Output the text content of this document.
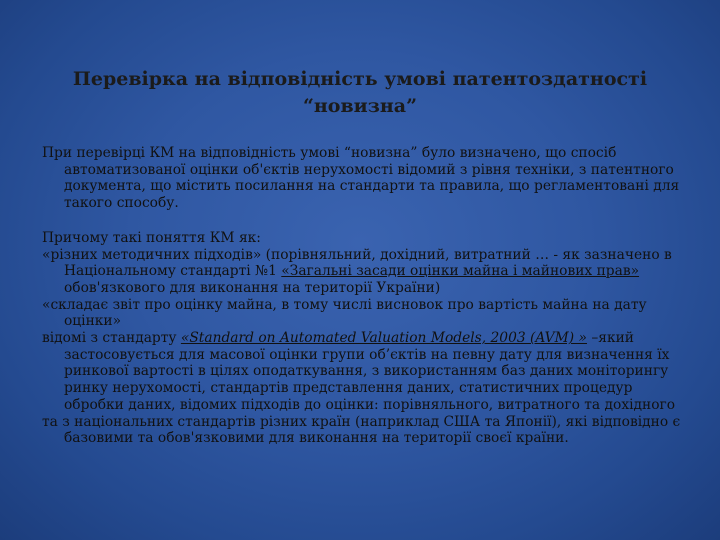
Перевірка на відповідність умові патентоздатності
“новизна”

При перевірці КМ на відповідність умові “новизна” було визначено, що спосіб автоматизованої оцінки об'єктів нерухомості відомий з рівня техніки, з патентного документа, що містить посилання на стандарти та правила, що регламентовані для такого способу.

Причому такі поняття КМ як:

«різних методичних підходів» (порівняльний, дохідний, витратний … - як зазначено в Національному стандарті №1 «Загальні засади оцінки майна і майнових прав» обов'язкового для виконання на території України)

«складає звіт про оцінку майна, в тому числі висновок про вартість майна на дату оцінки»

відомі з стандарту «Standard on Automated Valuation Models, 2003 (AVM) » –який застосовується для масової оцінки групи об’єктів на певну дату для визначення їх ринкової вартості в цілях оподаткування, з використанням баз даних моніторингу ринку нерухомості, стандартів представлення даних, статистичних процедур обробки даних, відомих підходів до оцінки: порівняльного, витратного та дохідного

та з національних стандартів різних країн (наприклад США та Японії), які відповідно є базовими та обов'язковими для виконання на території своєї країни.
